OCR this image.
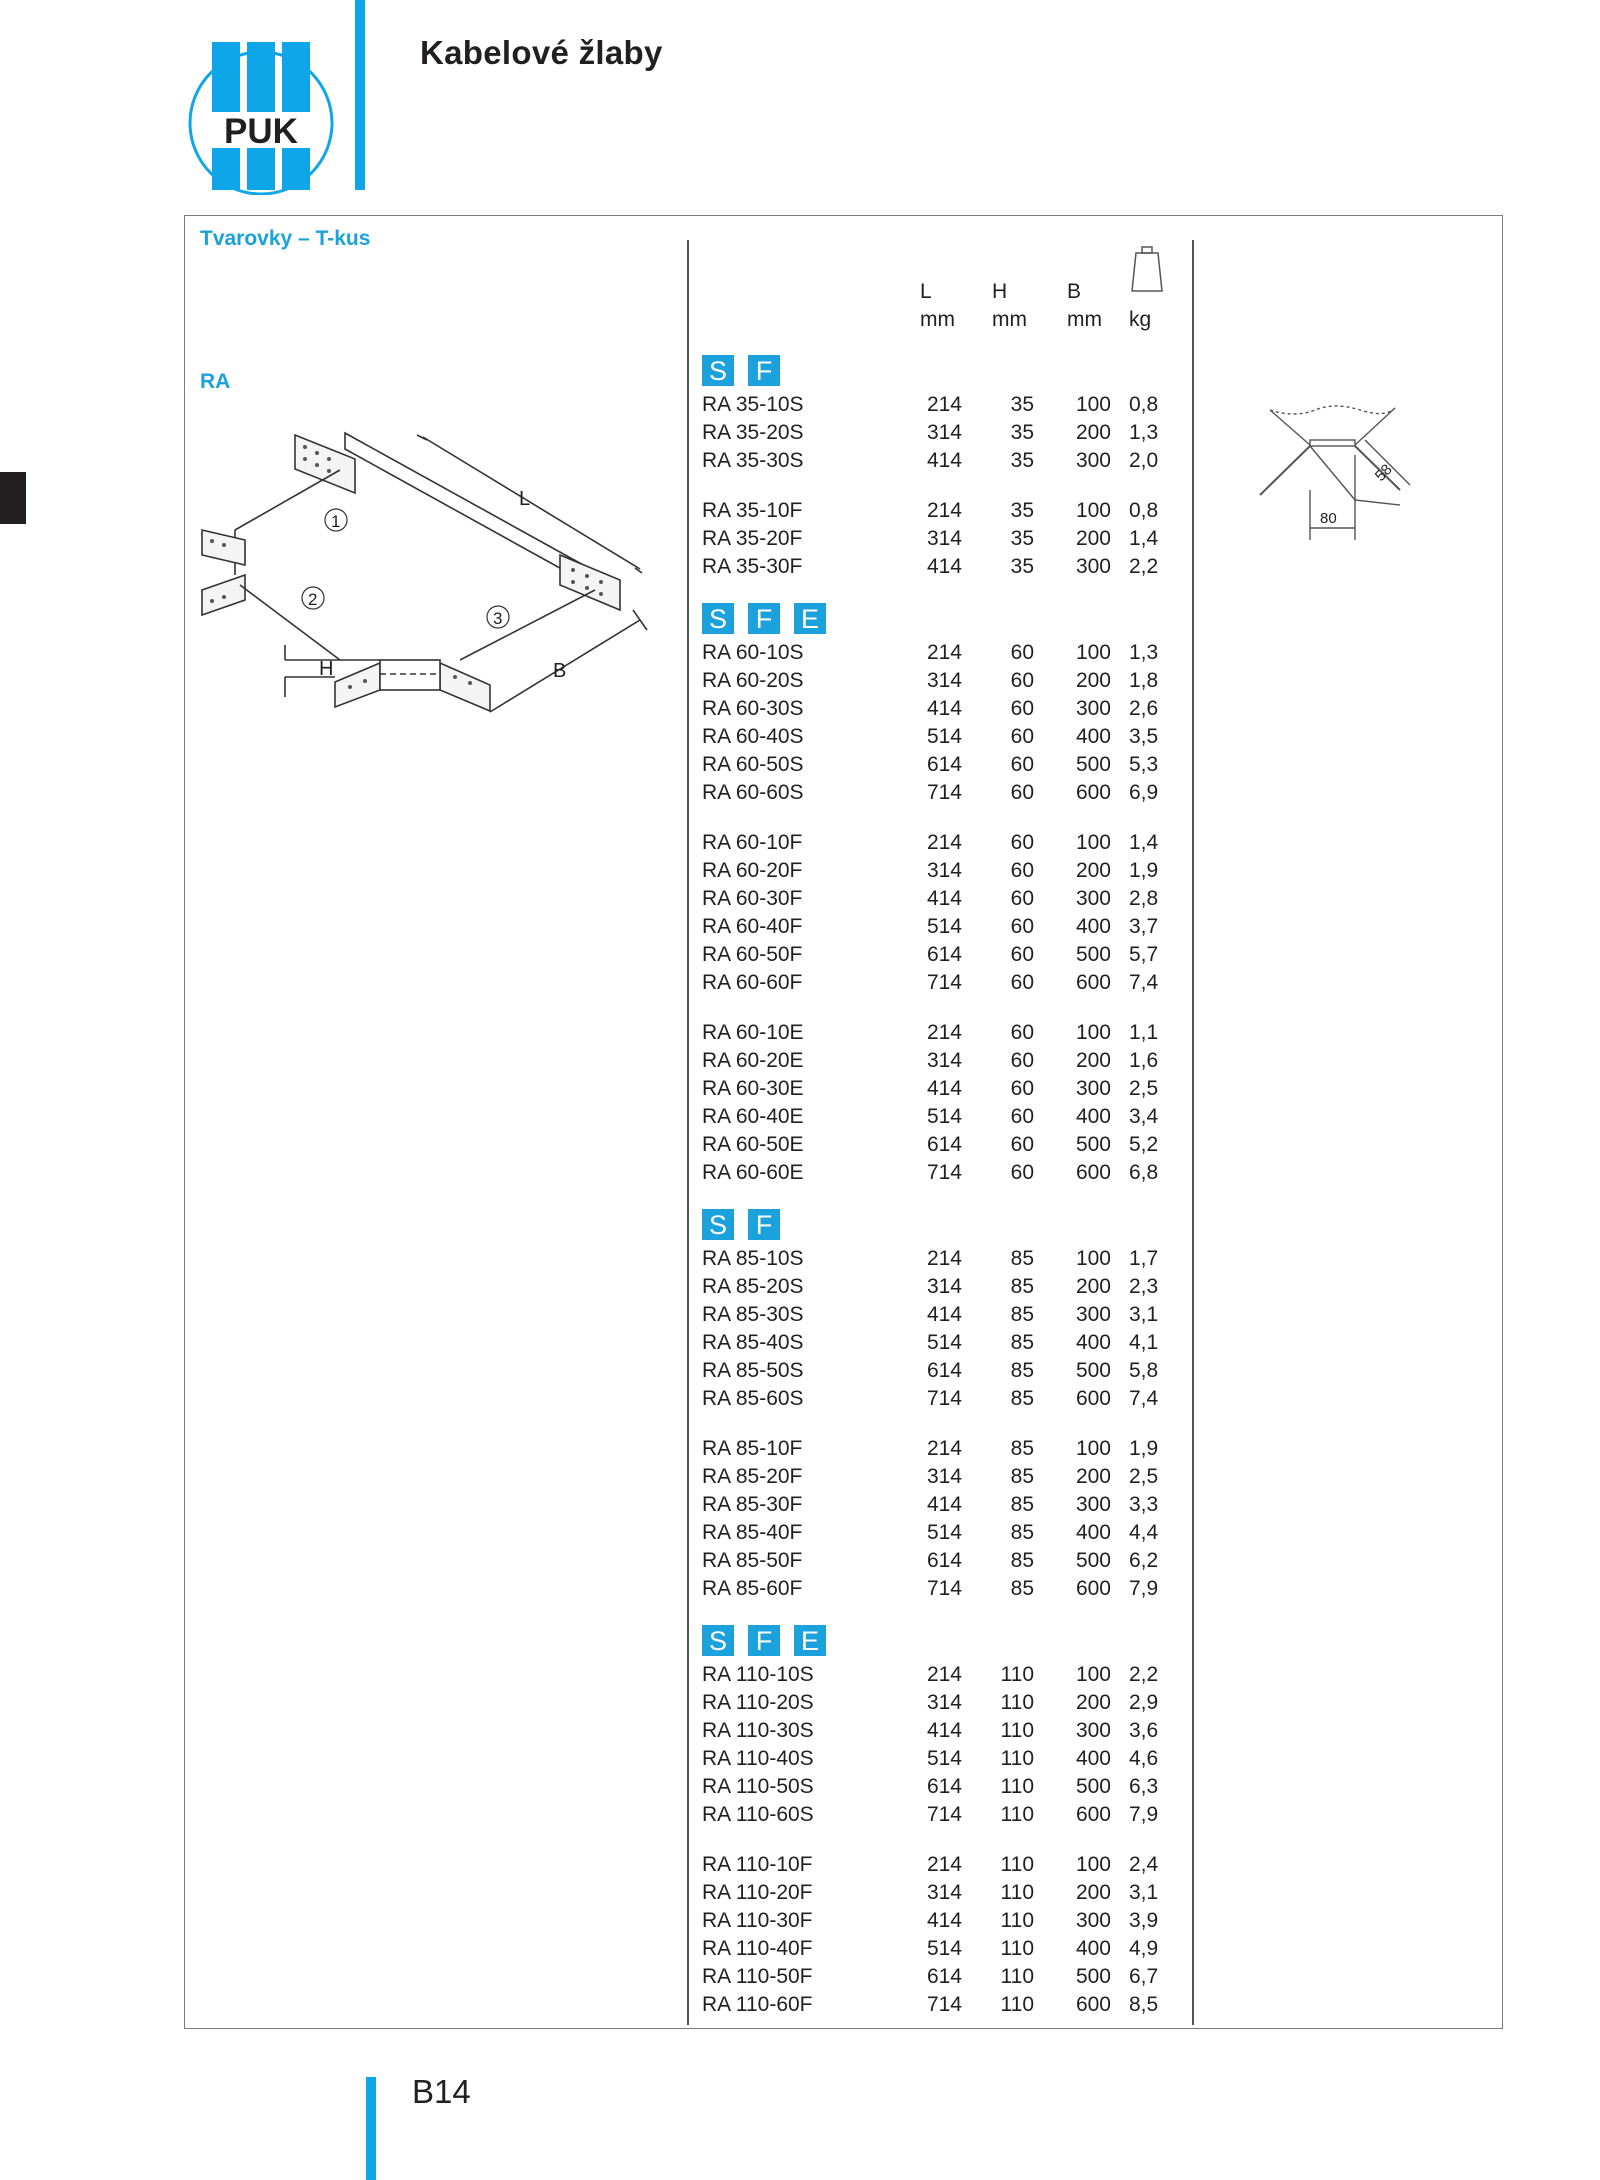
PUK
Kabelové žlaby
Tvarovky – T-kus
RA
L
B
H
1
2
3
80
58
L
mm
H
mm
B
mm kg
S F
RA 35-10S	214	35	100 0,8
RA 35-20S	314	35	200 1,3
RA 35-30S	414	35	300 2,0
RA 35-10F	214	35	100 0,8
RA 35-20F	314	35	200 1,4
RA 35-30F	414	35	300 2,2
S F E
RA 60-10S	214	60	100 1,3
RA 60-20S	314	60	200 1,8
RA 60-30S	414	60	300 2,6
RA 60-40S	514	60	400 3,5
RA 60-50S	614	60	500 5,3
RA 60-60S	714	60	600 6,9
RA 60-10F	214	60	100 1,4
RA 60-20F	314	60	200 1,9
RA 60-30F	414	60	300 2,8
RA 60-40F	514	60	400 3,7
RA 60-50F	614	60	500 5,7
RA 60-60F	714	60	600 7,4
RA 60-10E	214	60	100 1,1
RA 60-20E	314	60	200 1,6
RA 60-30E	414	60	300 2,5
RA 60-40E	514	60	400 3,4
RA 60-50E	614	60	500 5,2
RA 60-60E	714	60	600 6,8
S F
RA 85-10S	214	85	100 1,7
RA 85-20S	314	85	200 2,3
RA 85-30S	414	85	300 3,1
RA 85-40S	514	85	400 4,1
RA 85-50S	614	85	500 5,8
RA 85-60S	714	85	600 7,4
RA 85-10F	214	85	100 1,9
RA 85-20F	314	85	200 2,5
RA 85-30F	414	85	300 3,3
RA 85-40F	514	85	400 4,4
RA 85-50F	614	85	500 6,2
RA 85-60F	714	85	600 7,9
S F E
RA 110-10S	214	110	100 2,2
RA 110-20S	314	110	200 2,9
RA 110-30S	414	110	300 3,6
RA 110-40S	514	110	400 4,6
RA 110-50S	614	110	500 6,3
RA 110-60S	714	110	600 7,9
RA 110-10F	214	110	100 2,4
RA 110-20F	314	110	200 3,1
RA 110-30F	414	110	300 3,9
RA 110-40F	514	110	400 4,9
RA 110-50F	614	110	500 6,7
RA 110-60F	714	110	600 8,5
B14
